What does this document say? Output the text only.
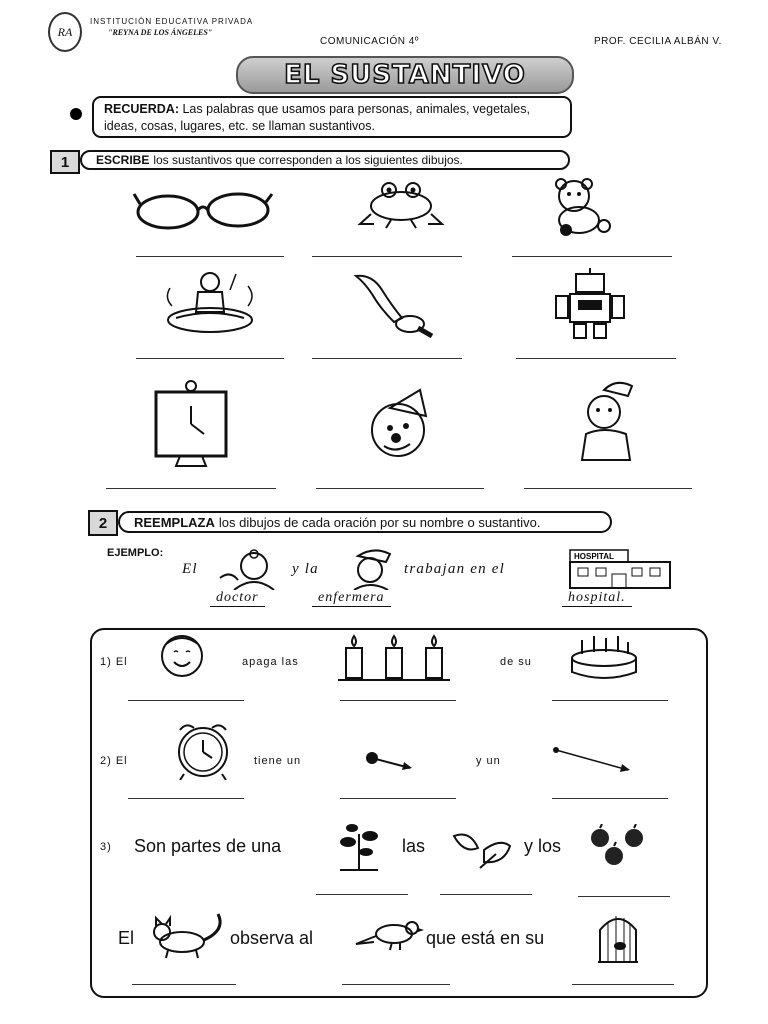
RA
INSTITUCIÓN EDUCATIVA PRIVADA
"REYNA DE LOS ÁNGELES"
COMUNICACIÓN 4º	PROF. CECILIA ALBÁN V.
EL SUSTANTIVO
RECUERDA: Las palabras que usamos para personas, animales, vegetales, ideas, cosas, lugares, etc. se llaman sustantivos.
1	ESCRIBE los sustantivos que corresponden a los siguientes dibujos.
2	REEMPLAZA los dibujos de cada oración por su nombre o sustantivo.
EJEMPLO:
El	y la	trabajan en el
HOSPITAL
doctor	enfermera	hospital.
1) El	apaga las	de su
2) El	tiene un	y un
3) Son partes de una	las	y los
El	observa al	que está en su
